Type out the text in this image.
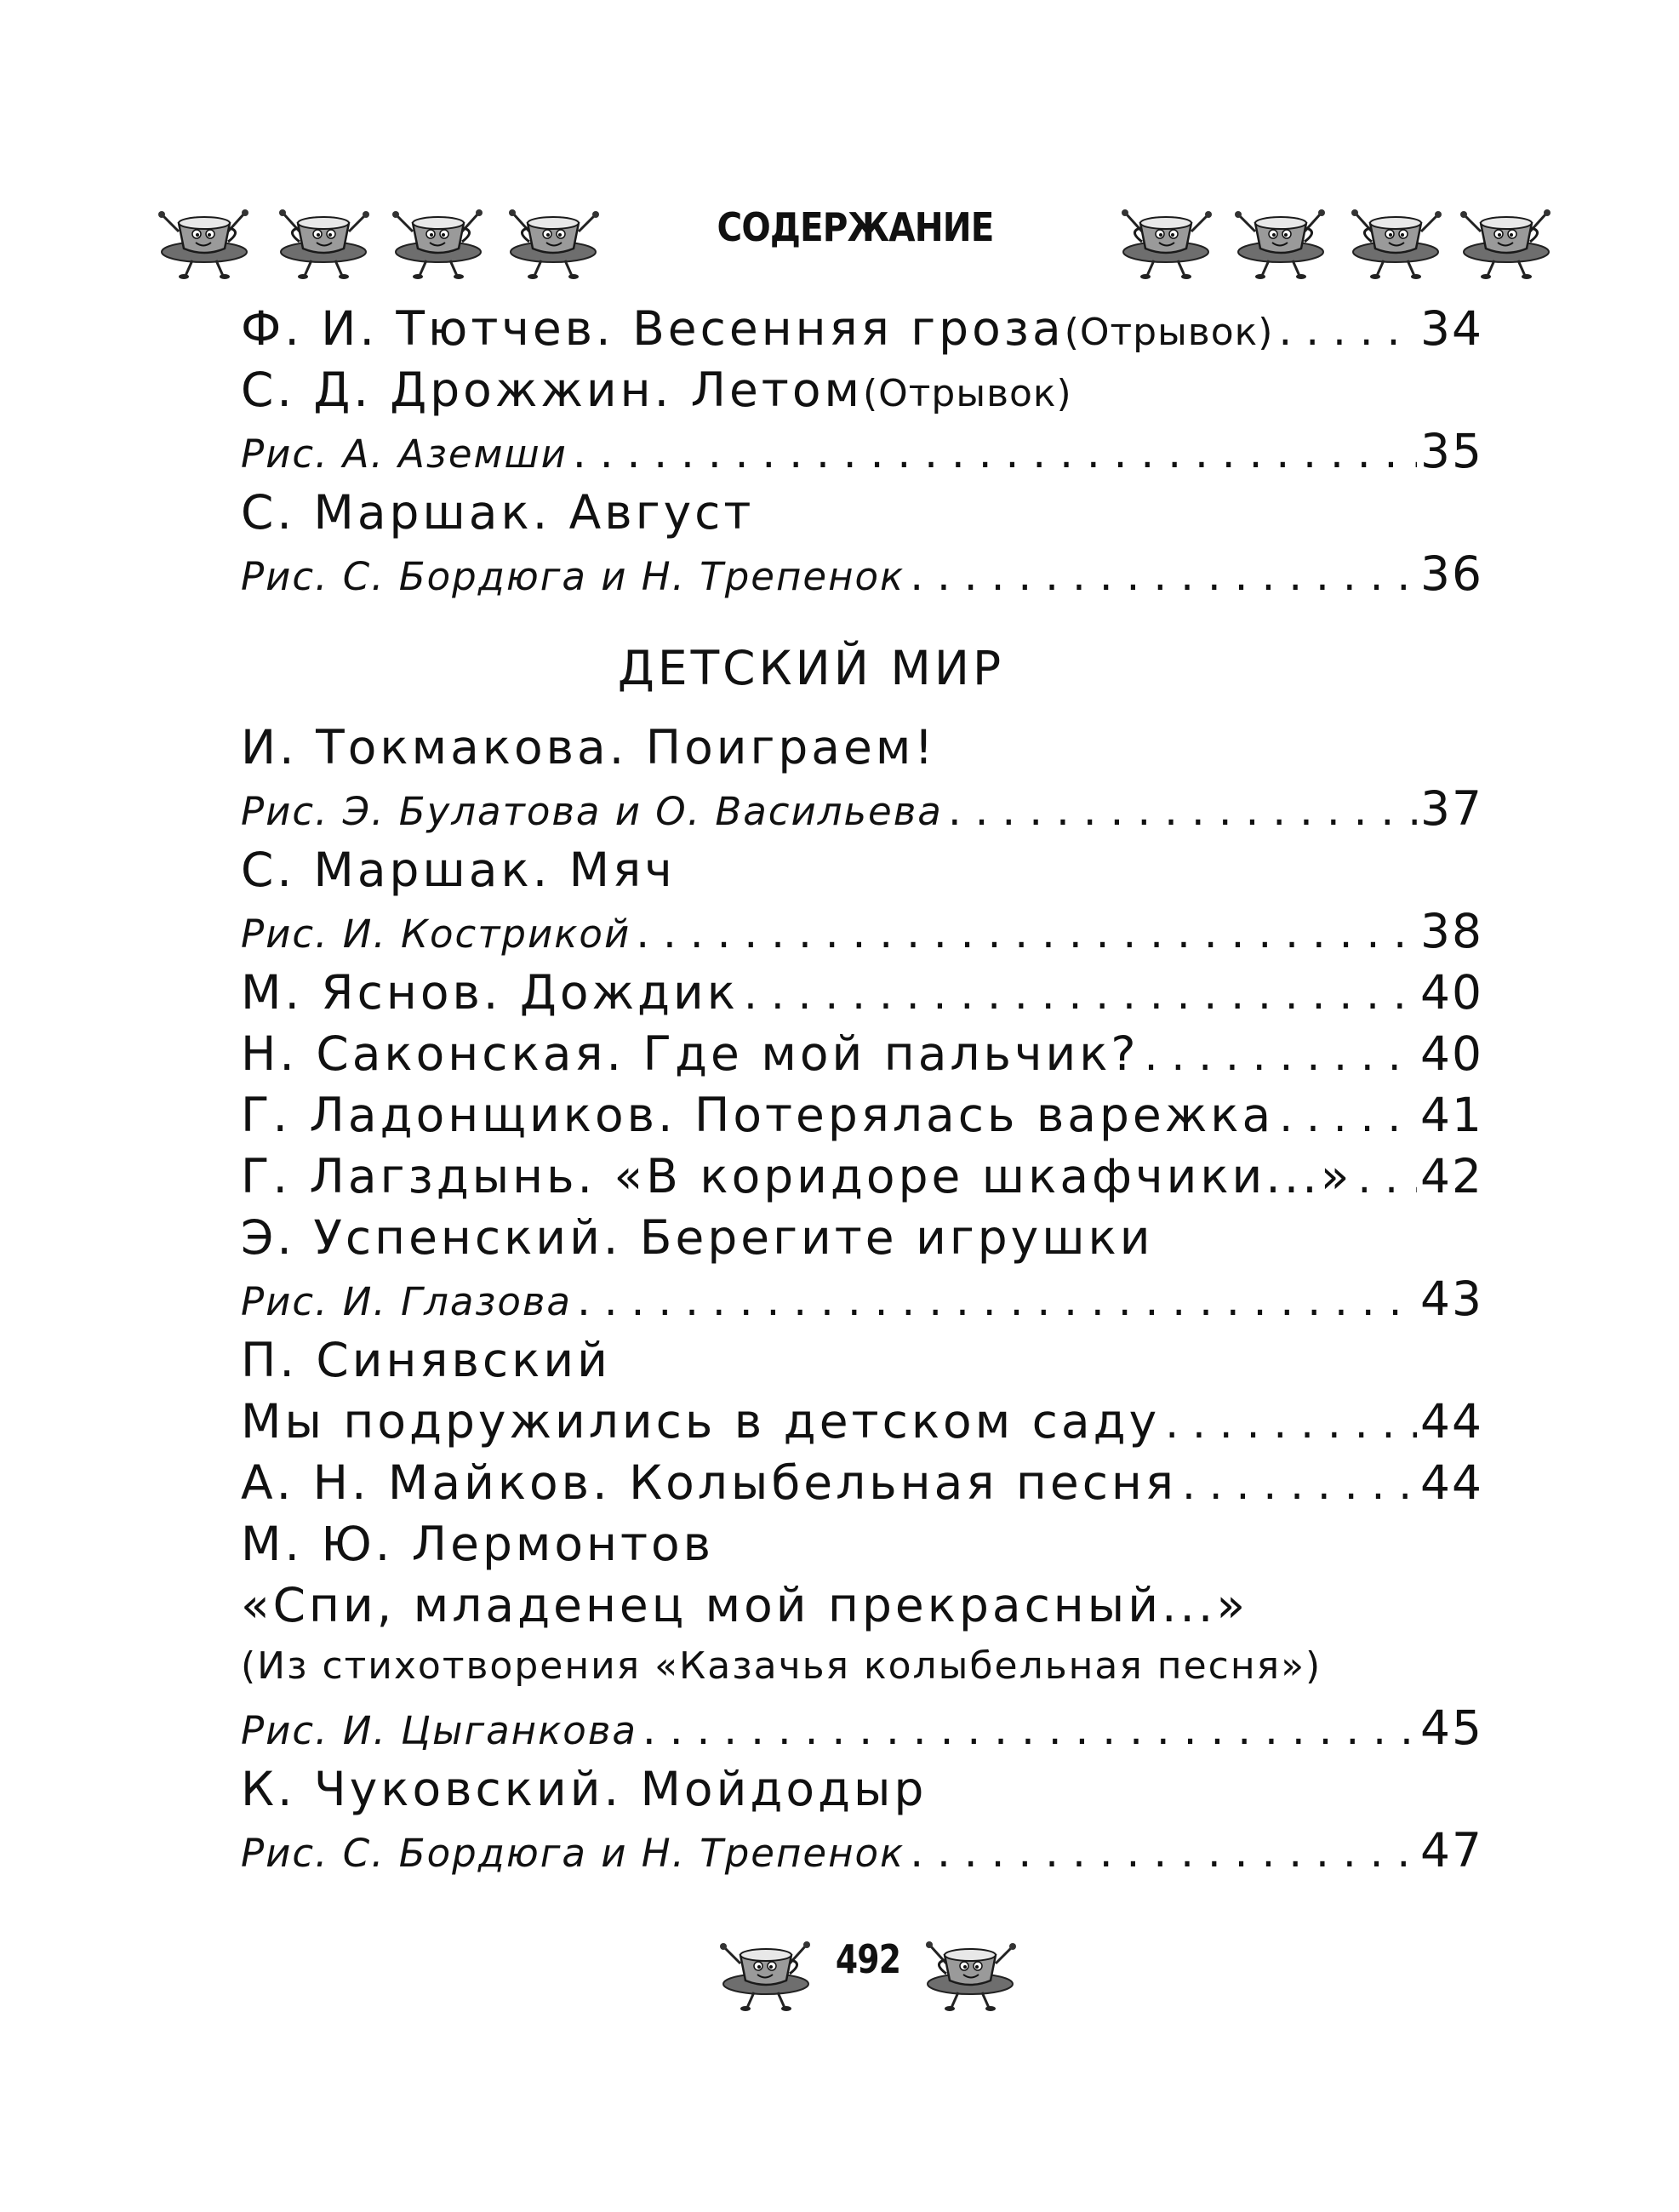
СОДЕРЖАНИЕ
Ф. И. Тютчев. Весенняя гроза (Отрывок) . . .	34
С. Д. Дрожжин. Летом (Отрывок)
Рис. А. Аземши . . .	35
С. Маршак. Август
Рис. С. Бордюга и Н. Трепенок . . .	36
ДЕТСКИЙ МИР
И. Токмакова. Поиграем!
Рис. Э. Булатова и О. Васильева . . .	37
С. Маршак. Мяч
Рис. И. Кострикой . . .	38
М. Яснов. Дождик . . .	40
Н. Саконская. Где мой пальчик? . . .	40
Г. Ладонщиков. Потерялась варежка . . .	41
Г. Лагздынь. «В коридоре шкафчики...» . . . 42
Э. Успенский. Берегите игрушки
Рис. И. Глазова . . .	43
П. Синявский
Мы подружились в детском саду . . .	44
А. Н. Майков. Колыбельная песня . . .	44
М. Ю. Лермонтов
«Спи, младенец мой прекрасный...»
(Из стихотворения «Казачья колыбельная песня»)
Рис. И. Цыганкова . . .	45
К. Чуковский. Мойдодыр
Рис. С. Бордюга и Н. Трепенок . . .	47
492
